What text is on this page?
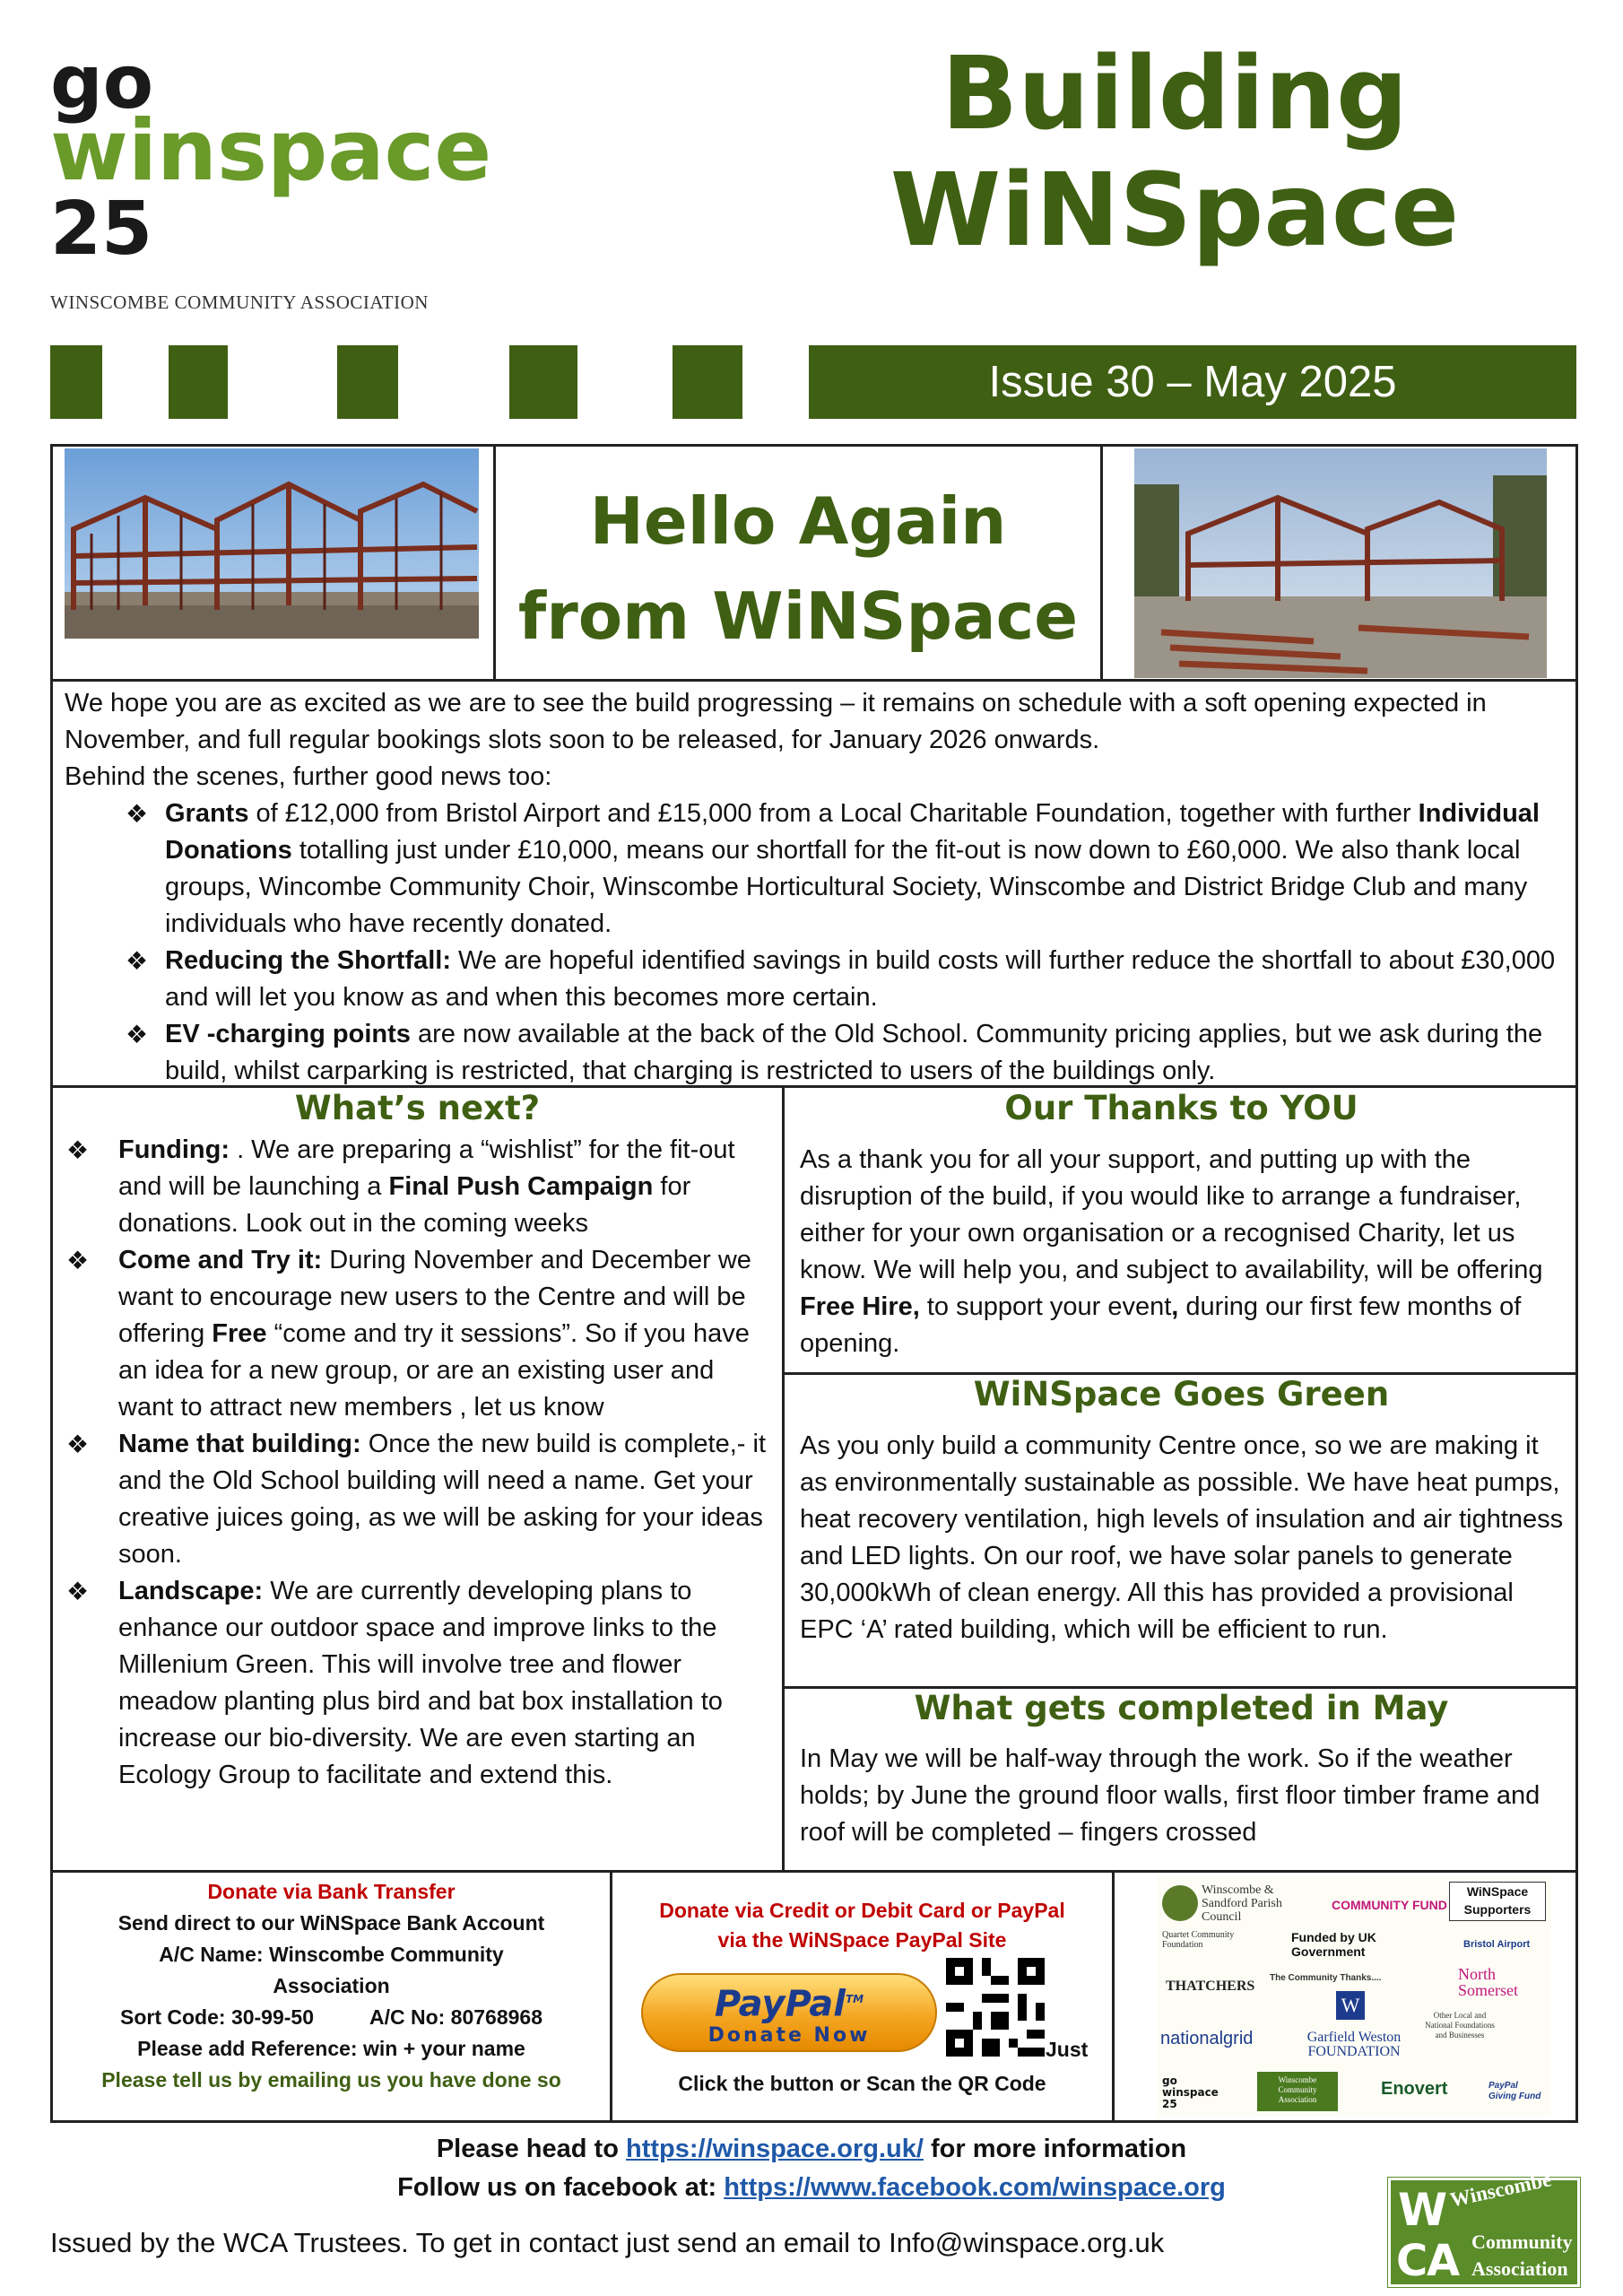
go
winspace
25
WINSCOMBE COMMUNITY ASSOCIATION
Building
WiNSpace
Issue 30 – May 2025
Hello Again
from WiNSpace

We hope you are as excited as we are to see the build progressing – it remains on schedule with a soft opening expected in November, and full regular bookings slots soon to be released, for January 2026 onwards.

Behind the scenes, further good news too:

❖ Grants of £12,000 from Bristol Airport and £15,000 from a Local Charitable Foundation, together with further Individual Donations totalling just under £10,000, means our shortfall for the fit-out is now down to £60,000. We also thank local groups, Wincombe Community Choir, Winscombe Horticultural Society, Winscombe and District Bridge Club and many individuals who have recently donated.
❖ Reducing the Shortfall: We are hopeful identified savings in build costs will further reduce the shortfall to about £30,000 and will let you know as and when this becomes more certain.
❖ EV -charging points are now available at the back of the Old School. Community pricing applies, but we ask during the build, whilst carparking is restricted, that charging is restricted to users of the buildings only.
What’s next?
❖ Funding: . We are preparing a “wishlist” for the fit-out and will be launching a Final Push Campaign for donations. Look out in the coming weeks
❖ Come and Try it: During November and December we want to encourage new users to the Centre and will be offering Free “come and try it sessions”. So if you have an idea for a new group, or are an existing user and want to attract new members , let us know
❖ Name that building: Once the new build is complete,- it and the Old School building will need a name. Get your creative juices going, as we will be asking for your ideas soon.
❖ Landscape: We are currently developing plans to enhance our outdoor space and improve links to the Millenium Green. This will involve tree and flower meadow planting plus bird and bat box installation to increase our bio-diversity. We are even starting an Ecology Group to facilitate and extend this.
Our Thanks to YOU
As a thank you for all your support, and putting up with the disruption of the build, if you would like to arrange a fundraiser, either for your own organisation or a recognised Charity, let us know. We will help you, and subject to availability, will be offering Free Hire, to support your event, during our first few months of opening.
WiNSpace Goes Green
As you only build a community Centre once, so we are making it as environmentally sustainable as possible. We have heat pumps, heat recovery ventilation, high levels of insulation and air tightness and LED lights. On our roof, we have solar panels to generate 30,000kWh of clean energy. All this has provided a provisional EPC ‘A’ rated building, which will be efficient to run.
What gets completed in May
In May we will be half-way through the work. So if the weather holds; by June the ground floor walls, first floor timber frame and roof will be completed – fingers crossed
Donate via Bank Transfer
Send direct to our WiNSpace Bank Account
A/C Name: Winscombe Community Association
Sort Code: 30-99-50	A/C No: 80768968
Please add Reference: win + your name
Please tell us by emailing us you have done so
Donate via Credit or Debit Card or PayPal
via the WiNSpace PayPal Site
PayPal™
Donate Now
Just
Click the button or Scan the QR Code
WiNSpace
Supporters
Winscombe & Sandford Parish Council
COMMUNITY FUND
Quartet Community Foundation
Funded by UK Government	Bristol Airport
THATCHERS
The Community Thanks....	North Somerset
W
nationalgrid	Garfield Weston FOUNDATION
Other Local and National Foundations and Businesses
go winspace 25
Winscombe Community Association
Enovert	PayPal Giving Fund
Please head to https://winspace.org.uk/ for more information
Follow us on facebook at: https://www.facebook.com/winspace.org
Issued by the WCA Trustees. To get in contact just send an email to Info@winspace.org.uk
W
C
A
Winscombe
Community
Association
